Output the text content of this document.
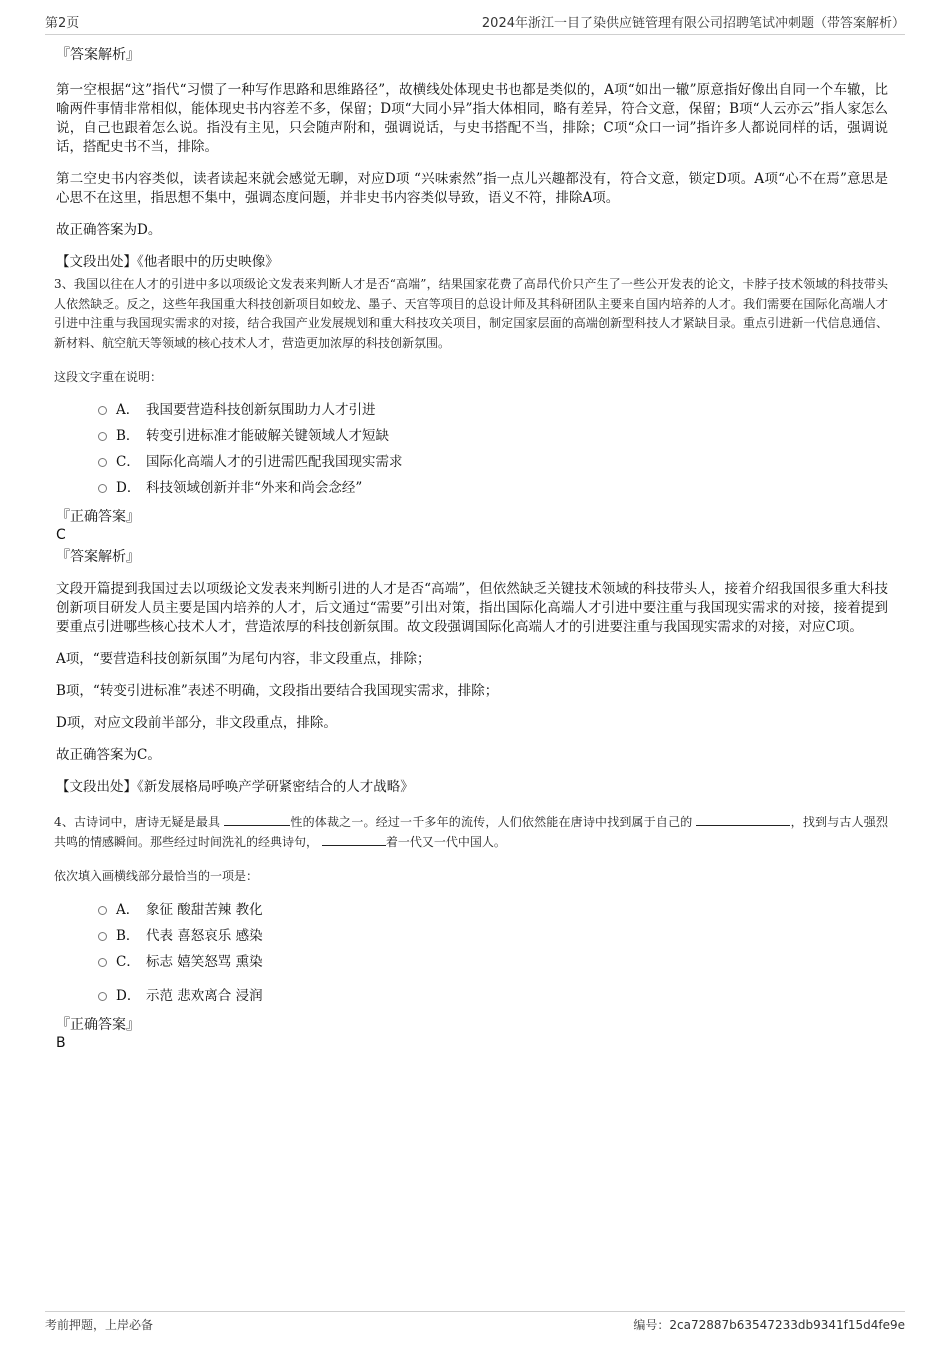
第2页	2024年浙江一目了染供应链管理有限公司招聘笔试冲刺题（带答案解析）

『答案解析』

第一空根据“这”指代“习惯了一种写作思路和思维路径”，故横线处体现史书也都是类似的，A项“如出一辙”原意指好像出自同一个车辙，比喻两件事情非常相似，能体现史书内容差不多，保留；D项“大同小异”指大体相同，略有差异，符合文意，保留；B项“人云亦云”指人家怎么说，自己也跟着怎么说。指没有主见，只会随声附和，强调说话，与史书搭配不当，排除；C项“众口一词”指许多人都说同样的话，强调说话，搭配史书不当，排除。

第二空史书内容类似，读者读起来就会感觉无聊，对应D项 “兴味索然”指一点儿兴趣都没有，符合文意，锁定D项。A项“心不在焉”意思是心思不在这里，指思想不集中，强调态度问题，并非史书内容类似导致，语义不符，排除A项。

故正确答案为D。

【文段出处】《他者眼中的历史映像》

3、我国以往在人才的引进中多以项级论文发表来判断人才是否“高端”，结果国家花费了高昂代价只产生了一些公开发表的论文，卡脖子技术领域的科技带头人依然缺乏。反之，这些年我国重大科技创新项目如蛟龙、墨子、天宫等项目的总设计师及其科研团队主要来自国内培养的人才。我们需要在国际化高端人才引进中注重与我国现实需求的对接，结合我国产业发展规划和重大科技攻关项目，制定国家层面的高端创新型科技人才紧缺目录。重点引进新一代信息通信、新材料、航空航天等领域的核心技术人才，营造更加浓厚的科技创新氛围。

这段文字重在说明：

A． 我国要营造科技创新氛围助力人才引进
B． 转变引进标准才能破解关键领域人才短缺
C． 国际化高端人才的引进需匹配我国现实需求
D． 科技领域创新并非“外来和尚会念经”

『正确答案』

C

『答案解析』

文段开篇提到我国过去以项级论文发表来判断引进的人才是否“高端”，但依然缺乏关键技术领域的科技带头人，接着介绍我国很多重大科技创新项目研发人员主要是国内培养的人才，后文通过“需要”引出对策，指出国际化高端人才引进中要注重与我国现实需求的对接，接着提到要重点引进哪些核心技术人才，营造浓厚的科技创新氛围。故文段强调国际化高端人才的引进要注重与我国现实需求的对接，对应C项。

A项，“要营造科技创新氛围”为尾句内容，非文段重点，排除；

B项，“转变引进标准”表述不明确，文段指出要结合我国现实需求，排除；

D项，对应文段前半部分，非文段重点，排除。

故正确答案为C。

【文段出处】《新发展格局呼唤产学研紧密结合的人才战略》

4、古诗词中，唐诗无疑是最具	性的体裁之一。经过一千多年的流传，人们依然能在唐诗中找到属于自己的	，找到与古人强烈共鸣的情感瞬间。那些经过时间洗礼的经典诗句，	着一代又一代中国人。

依次填入画横线部分最恰当的一项是：

A． 象征 酸甜苦辣 教化
B． 代表 喜怒哀乐 感染
C． 标志 嬉笑怒骂 熏染
D． 示范 悲欢离合 浸润

『正确答案』

B

考前押题，上岸必备	编号：2ca72887b63547233db9341f15d4fe9e
